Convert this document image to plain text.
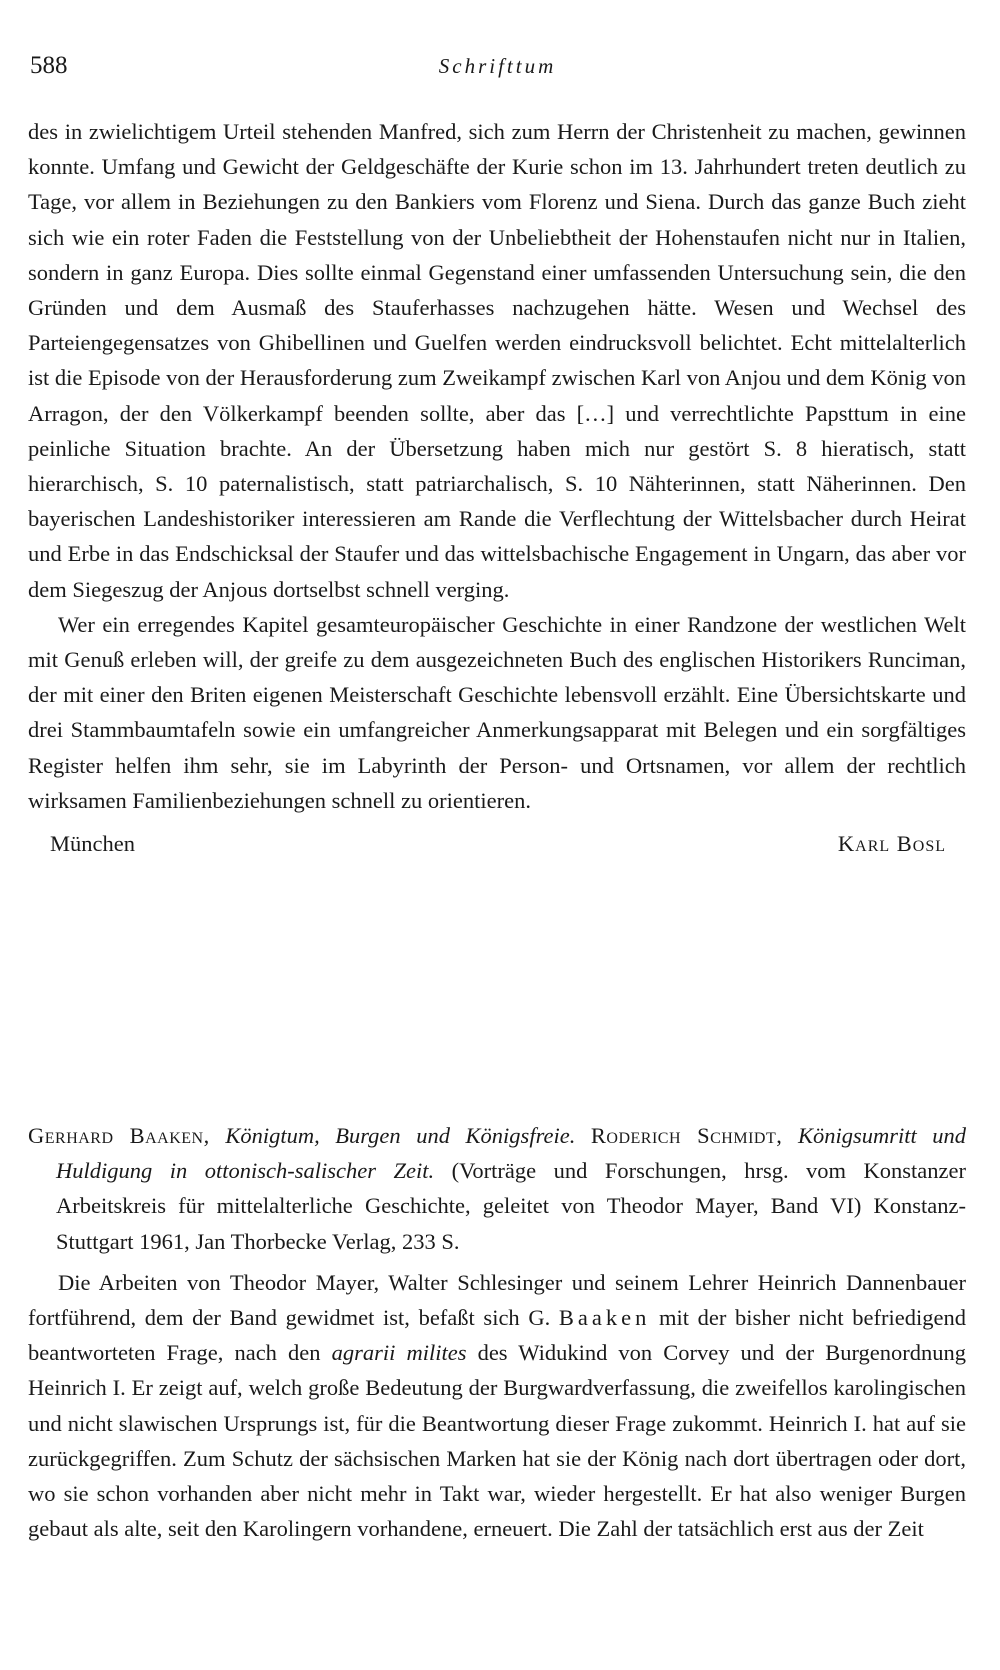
588	Schrifttum

des in zwielichtigem Urteil stehenden Manfred, sich zum Herrn der Christenheit zu machen, gewinnen konnte. Umfang und Gewicht der Geldgeschäfte der Kurie schon im 13. Jahrhundert treten deutlich zu Tage, vor allem in Beziehungen zu den Bankiers vom Florenz und Siena. Durch das ganze Buch zieht sich wie ein roter Faden die Feststellung von der Unbeliebtheit der Hohenstaufen nicht nur in Italien, sondern in ganz Europa. Dies sollte einmal Gegenstand einer umfassenden Untersuchung sein, die den Gründen und dem Ausmaß des Stauferhasses nachzugehen hätte. Wesen und Wechsel des Parteiengegensatzes von Ghibellinen und Guelfen werden eindrucksvoll belichtet. Echt mittelalterlich ist die Episode von der Herausforderung zum Zweikampf zwischen Karl von Anjou und dem König von Arragon, der den Völkerkampf beenden sollte, aber das […] und verrechtlichte Papsttum in eine peinliche Situation brachte. An der Übersetzung haben mich nur gestört S. 8 hieratisch, statt hierarchisch, S. 10 paternalistisch, statt patriarchalisch, S. 10 Nähterinnen, statt Näherinnen. Den bayerischen Landeshistoriker interessieren am Rande die Verflechtung der Wittelsbacher durch Heirat und Erbe in das Endschicksal der Staufer und das wittelsbachische Engagement in Ungarn, das aber vor dem Siegeszug der Anjous dortselbst schnell verging.

Wer ein erregendes Kapitel gesamteuropäischer Geschichte in einer Randzone der westlichen Welt mit Genuß erleben will, der greife zu dem ausgezeichneten Buch des englischen Historikers Runciman, der mit einer den Briten eigenen Meisterschaft Geschichte lebensvoll erzählt. Eine Übersichtskarte und drei Stammbaumtafeln sowie ein umfangreicher Anmerkungsapparat mit Belegen und ein sorgfältiges Register helfen ihm sehr, sie im Labyrinth der Person- und Ortsnamen, vor allem der rechtlich wirksamen Familienbeziehungen schnell zu orientieren.

München	Karl Bosl

Gerhard Baaken, Königtum, Burgen und Königsfreie. Roderich Schmidt, Königsumritt und Huldigung in ottonisch-salischer Zeit. (Vorträge und Forschungen, hrsg. vom Konstanzer Arbeitskreis für mittelalterliche Geschichte, geleitet von Theodor Mayer, Band VI) Konstanz-Stuttgart 1961, Jan Thorbecke Verlag, 233 S.

Die Arbeiten von Theodor Mayer, Walter Schlesinger und seinem Lehrer Heinrich Dannenbauer fortführend, dem der Band gewidmet ist, befaßt sich G. Baaken mit der bisher nicht befriedigend beantworteten Frage, nach den agrarii milites des Widukind von Corvey und der Burgenordnung Heinrich I. Er zeigt auf, welch große Bedeutung der Burgwardverfassung, die zweifellos karolingischen und nicht slawischen Ursprungs ist, für die Beantwortung dieser Frage zukommt. Heinrich I. hat auf sie zurückgegriffen. Zum Schutz der sächsischen Marken hat sie der König nach dort übertragen oder dort, wo sie schon vorhanden aber nicht mehr in Takt war, wieder hergestellt. Er hat also weniger Burgen gebaut als alte, seit den Karolingern vorhandene, erneuert. Die Zahl der tatsächlich erst aus der Zeit
